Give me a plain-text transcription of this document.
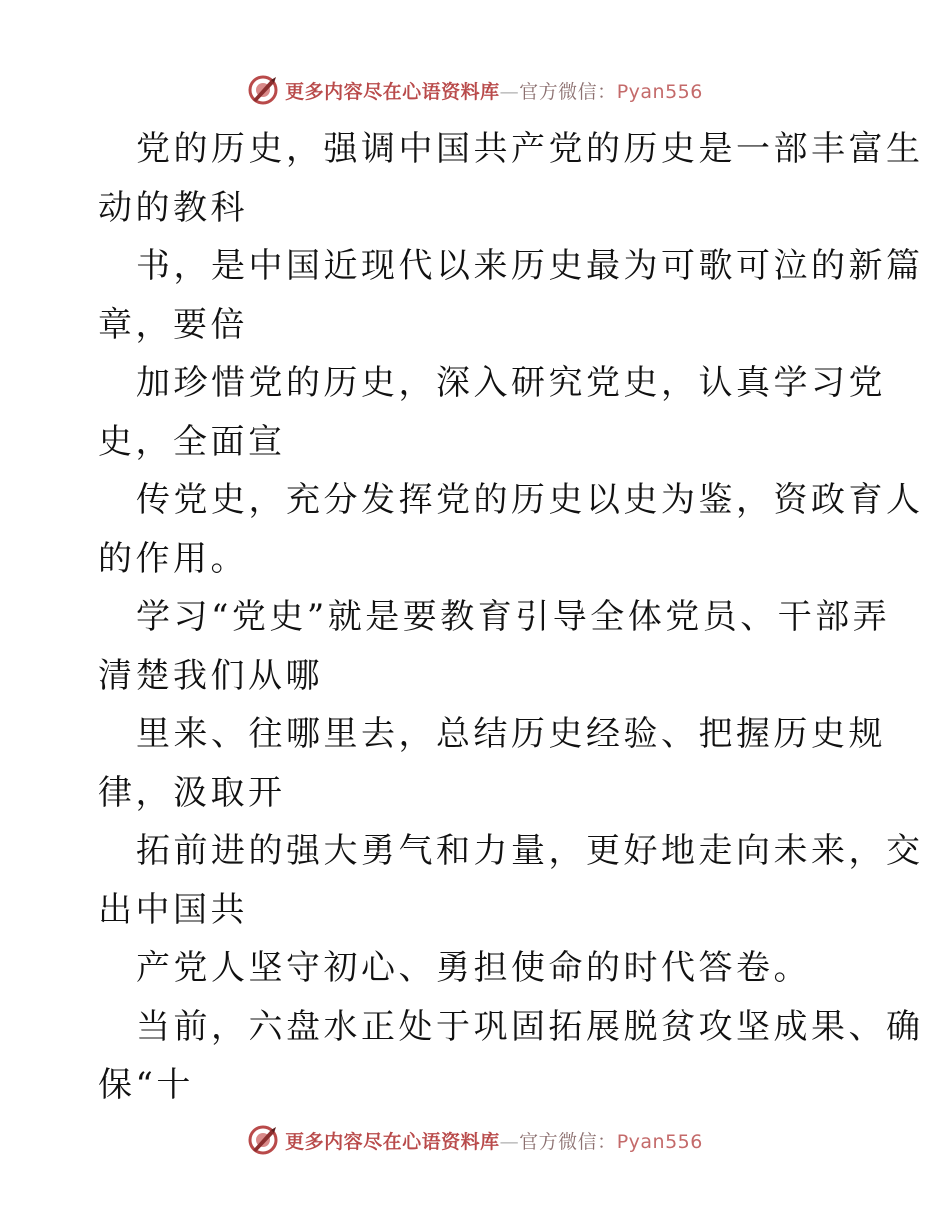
更多内容尽在心语资料库—官方微信：Pyan556
党的历史，强调中国共产党的历史是一部丰富生
动的教科
书，是中国近现代以来历史最为可歌可泣的新篇
章，要倍
加珍惜党的历史，深入研究党史，认真学习党
史，全面宣
传党史，充分发挥党的历史以史为鉴，资政育人
的作用。
学习“党史”就是要教育引导全体党员、干部弄
清楚我们从哪
里来、往哪里去，总结历史经验、把握历史规
律，汲取开
拓前进的强大勇气和力量，更好地走向未来，交
出中国共
产党人坚守初心、勇担使命的时代答卷。
当前，六盘水正处于巩固拓展脱贫攻坚成果、确
保“十
更多内容尽在心语资料库—官方微信：Pyan556
